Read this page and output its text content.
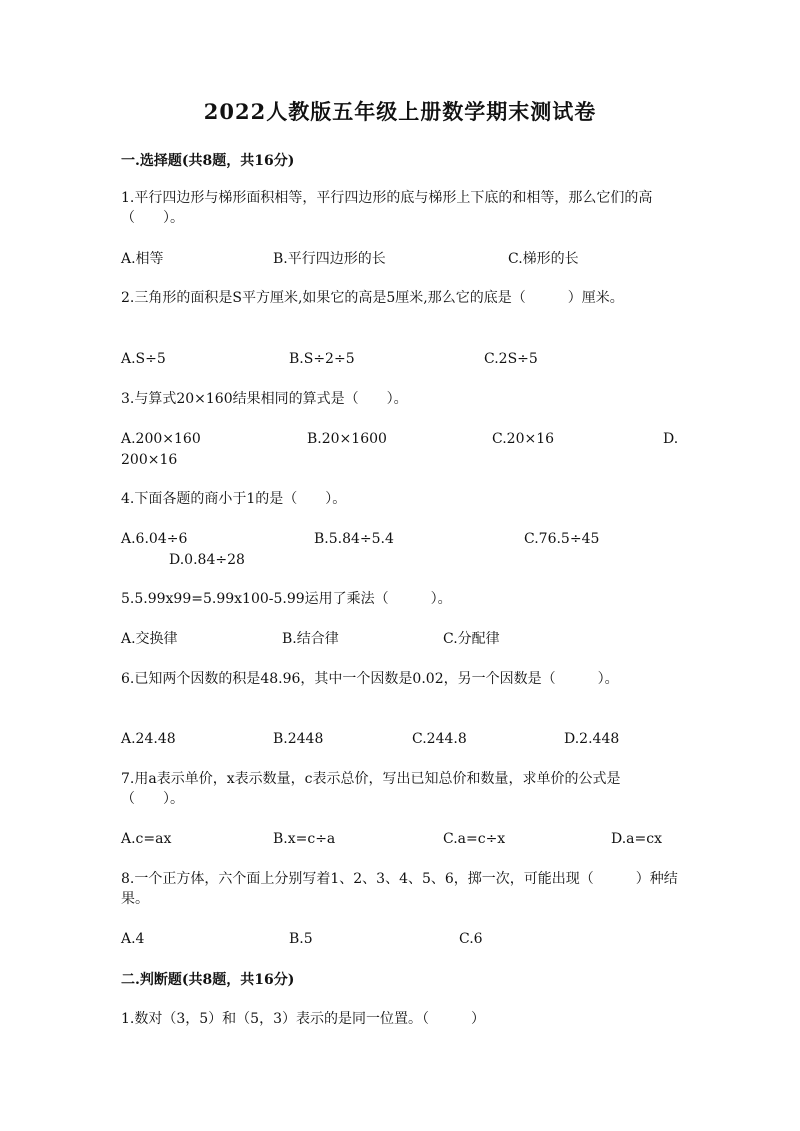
2022人教版五年级上册数学期末测试卷
一.选择题(共8题，共16分)
1.平行四边形与梯形面积相等，平行四边形的底与梯形上下底的和相等，那么它们的高（　　）。
A.相等	B.平行四边形的长	C.梯形的长
2.三角形的面积是S平方厘米,如果它的高是5厘米,那么它的底是（　　　）厘米。
A.S÷5	B.S÷2÷5	C.2S÷5
3.与算式20×160结果相同的算式是（　　）。
A.200×160	B.20×1600	C.20×16	D.
200×16
4.下面各题的商小于1的是（　　）。
A.6.04÷6	B.5.84÷5.4	C.76.5÷45
D.0.84÷28
5.5.99x99=5.99x100-5.99运用了乘法（　　　）。
A.交换律	B.结合律	C.分配律
6.已知两个因数的积是48.96，其中一个因数是0.02，另一个因数是（　　　）。
A.24.48	B.2448	C.244.8	D.2.448
7.用a表示单价，x表示数量，c表示总价，写出已知总价和数量，求单价的公式是（　　）。
A.c=ax	B.x=c÷a	C.a=c÷x	D.a=cx
8.一个正方体，六个面上分别写着1、2、3、4、5、6，掷一次，可能出现（　　　）种结果。
A.4	B.5	C.6
二.判断题(共8题，共16分)
1.数对（3，5）和（5，3）表示的是同一位置。（　　　）
